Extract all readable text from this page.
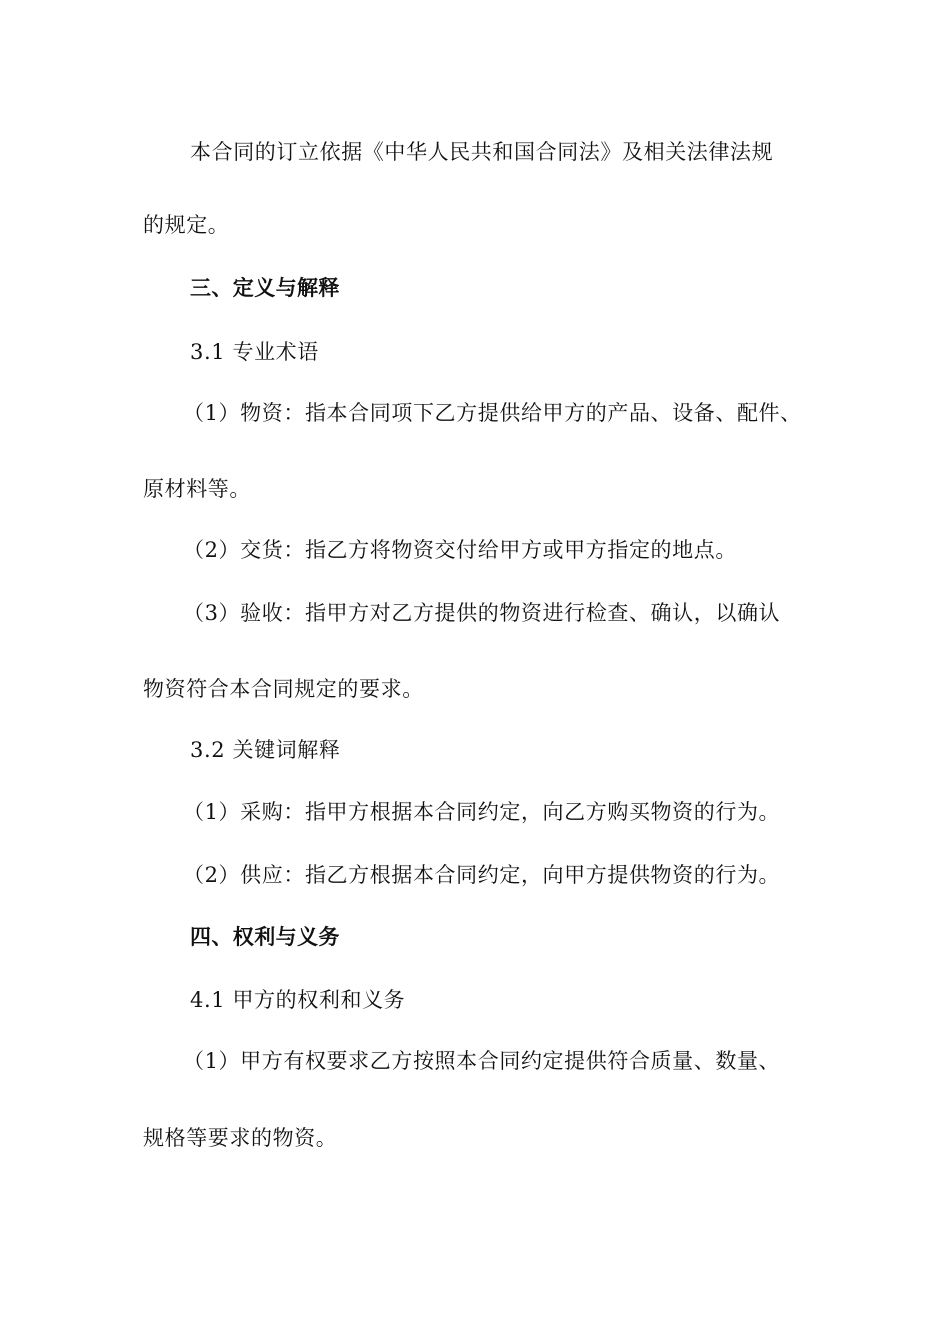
本合同的订立依据《中华人民共和国合同法》及相关法律法规
的规定。
三、定义与解释
3.1 专业术语
（1）物资：指本合同项下乙方提供给甲方的产品、设备、配件、
原材料等。
（2）交货：指乙方将物资交付给甲方或甲方指定的地点。
（3）验收：指甲方对乙方提供的物资进行检查、确认，以确认
物资符合本合同规定的要求。
3.2 关键词解释
（1）采购：指甲方根据本合同约定，向乙方购买物资的行为。
（2）供应：指乙方根据本合同约定，向甲方提供物资的行为。
四、权利与义务
4.1 甲方的权利和义务
（1）甲方有权要求乙方按照本合同约定提供符合质量、数量、
规格等要求的物资。
